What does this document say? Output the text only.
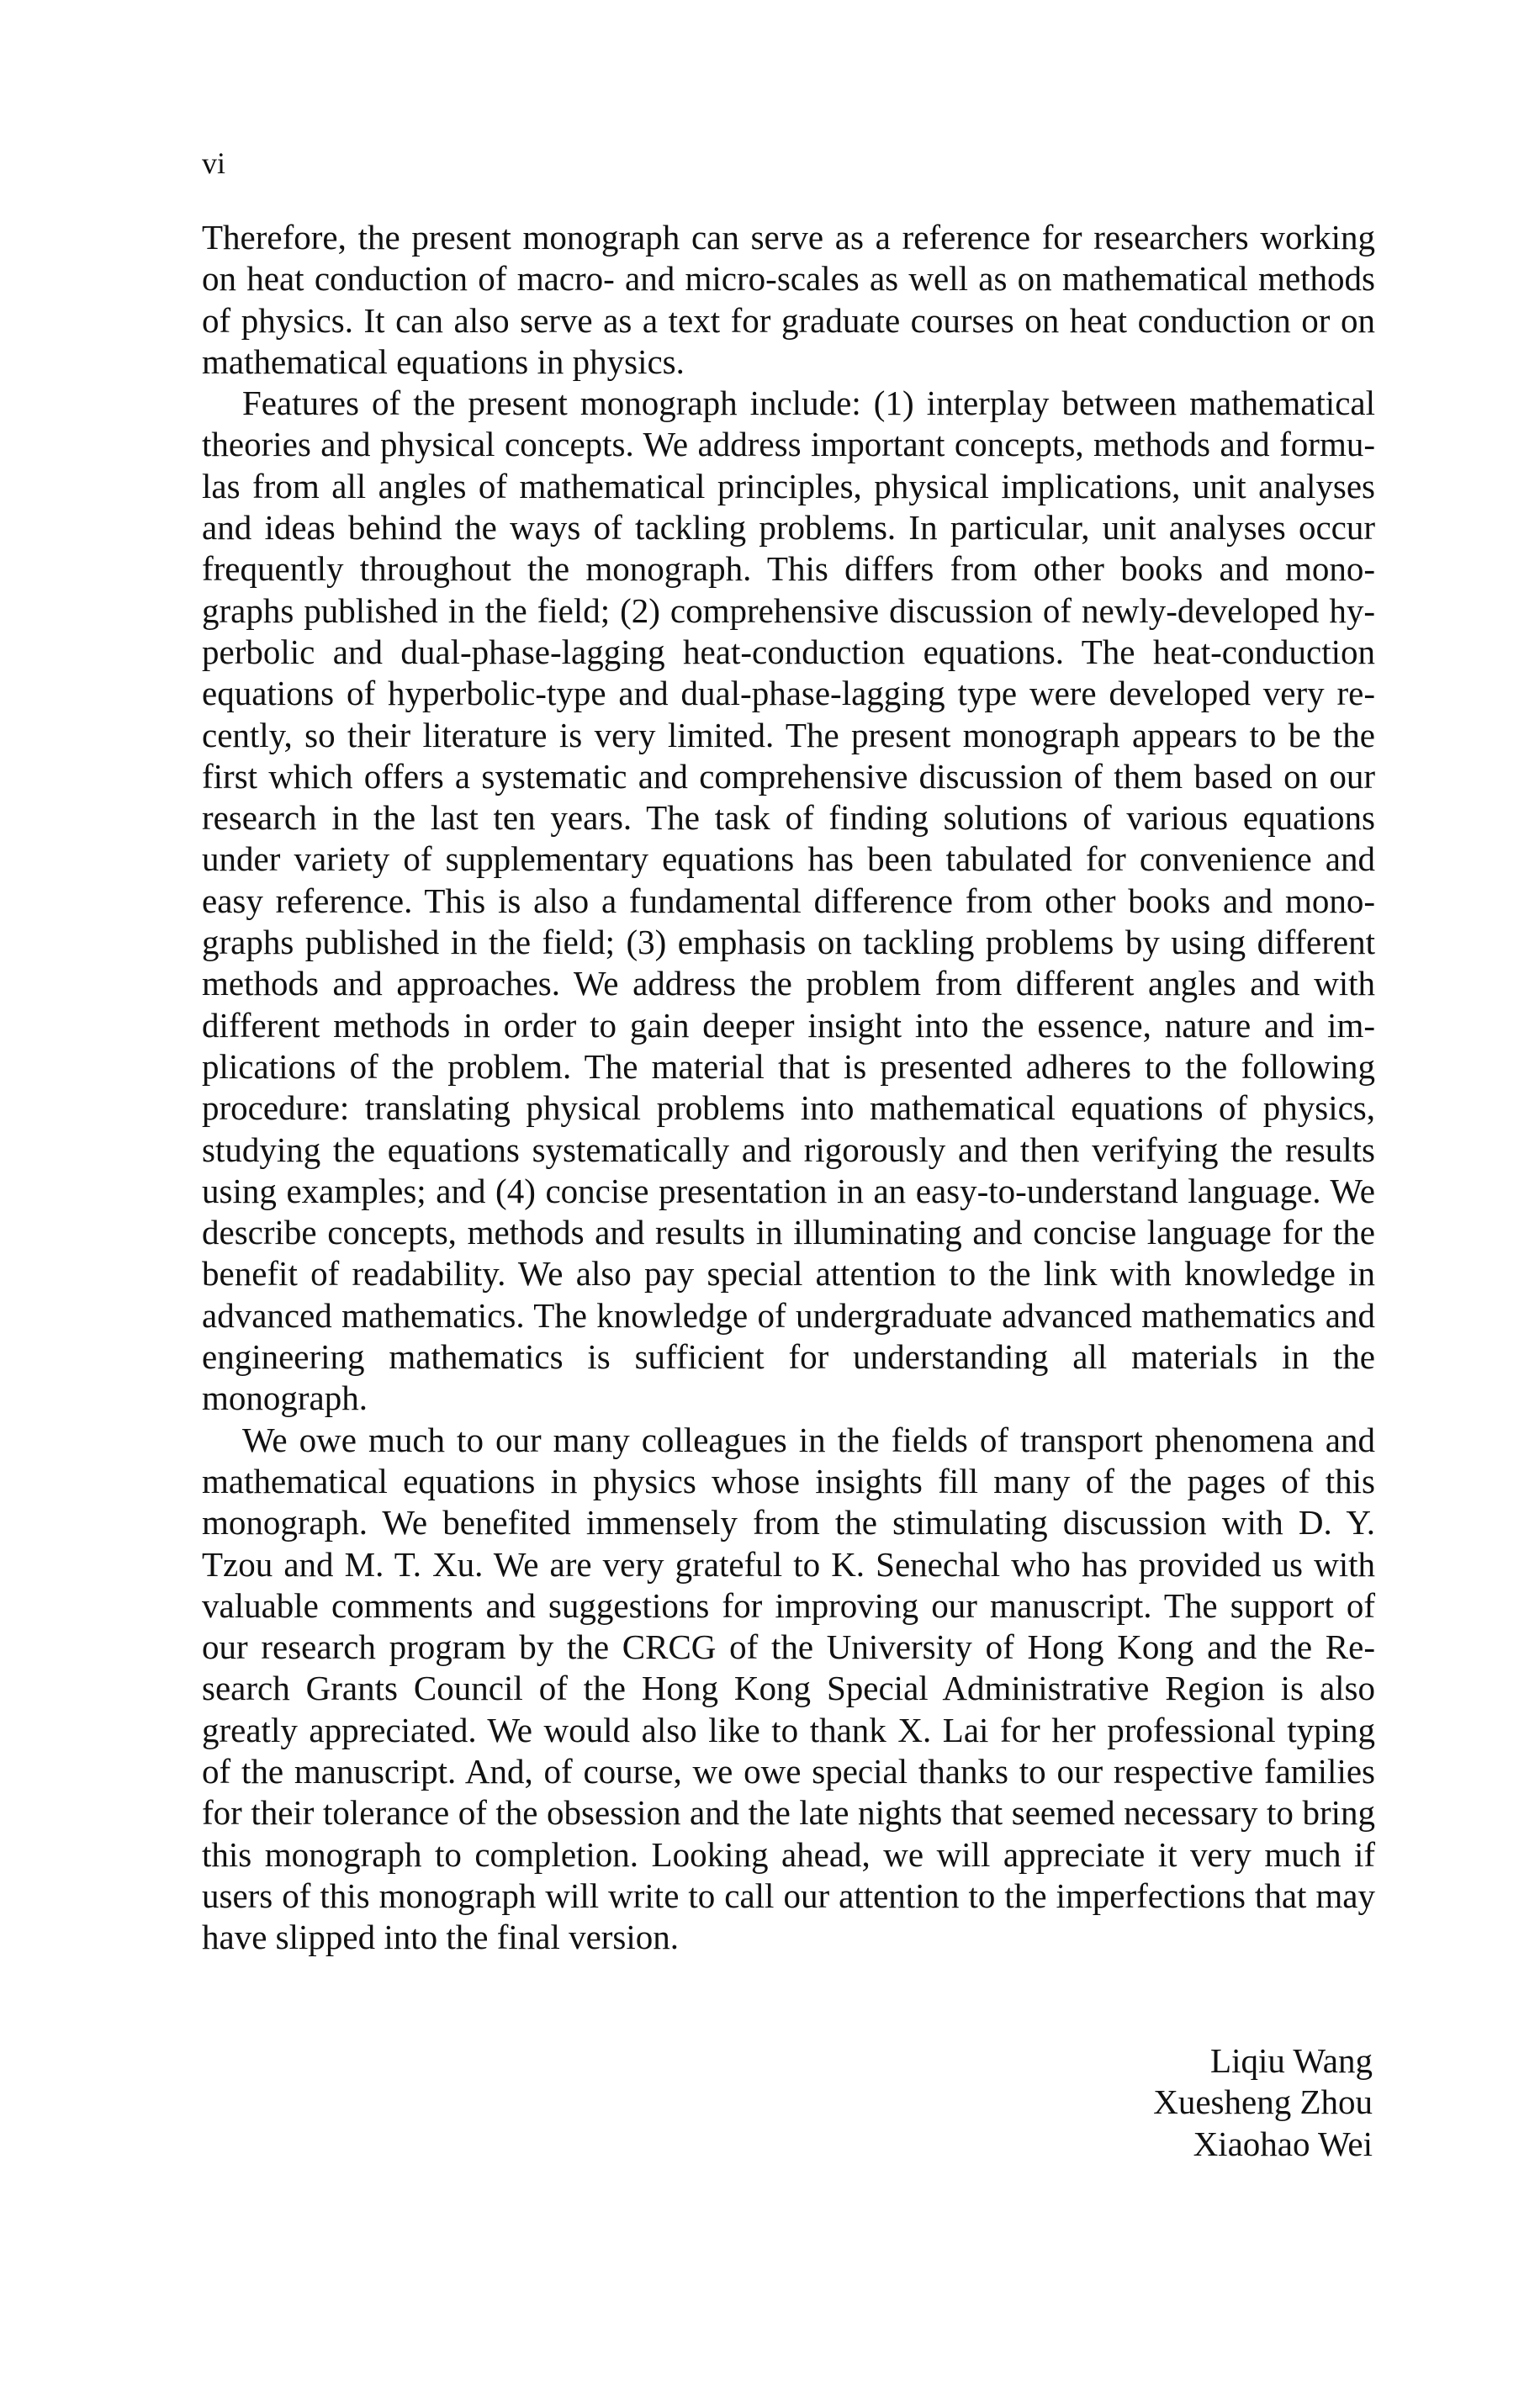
vi

Therefore, the present monograph can serve as a reference for researchers working on heat conduction of macro- and micro-scales as well as on mathematical methods of physics. It can also serve as a text for graduate courses on heat conduction or on mathematical equations in physics.

Features of the present monograph include: (1) interplay between mathematical theories and physical concepts. We address important concepts, methods and formulas from all angles of mathematical principles, physical implications, unit analyses and ideas behind the ways of tackling problems. In particular, unit analyses occur frequently throughout the monograph. This differs from other books and monographs published in the field; (2) comprehensive discussion of newly-developed hyperbolic and dual-phase-lagging heat-conduction equations. The heat-conduction equations of hyperbolic-type and dual-phase-lagging type were developed very recently, so their literature is very limited. The present monograph appears to be the first which offers a systematic and comprehensive discussion of them based on our research in the last ten years. The task of finding solutions of various equations under variety of supplementary equations has been tabulated for convenience and easy reference. This is also a fundamental difference from other books and monographs published in the field; (3) emphasis on tackling problems by using different methods and approaches. We address the problem from different angles and with different methods in order to gain deeper insight into the essence, nature and implications of the problem. The material that is presented adheres to the following procedure: translating physical problems into mathematical equations of physics, studying the equations systematically and rigorously and then verifying the results using examples; and (4) concise presentation in an easy-to-understand language. We describe concepts, methods and results in illuminating and concise language for the benefit of readability. We also pay special attention to the link with knowledge in advanced mathematics. The knowledge of undergraduate advanced mathematics and engineering mathematics is sufficient for understanding all materials in the monograph.

We owe much to our many colleagues in the fields of transport phenomena and mathematical equations in physics whose insights fill many of the pages of this monograph. We benefited immensely from the stimulating discussion with D. Y. Tzou and M. T. Xu. We are very grateful to K. Senechal who has provided us with valuable comments and suggestions for improving our manuscript. The support of our research program by the CRCG of the University of Hong Kong and the Research Grants Council of the Hong Kong Special Administrative Region is also greatly appreciated. We would also like to thank X. Lai for her professional typing of the manuscript. And, of course, we owe special thanks to our respective families for their tolerance of the obsession and the late nights that seemed necessary to bring this monograph to completion. Looking ahead, we will appreciate it very much if users of this monograph will write to call our attention to the imperfections that may have slipped into the final version.

Liqiu Wang
Xuesheng Zhou
Xiaohao Wei
